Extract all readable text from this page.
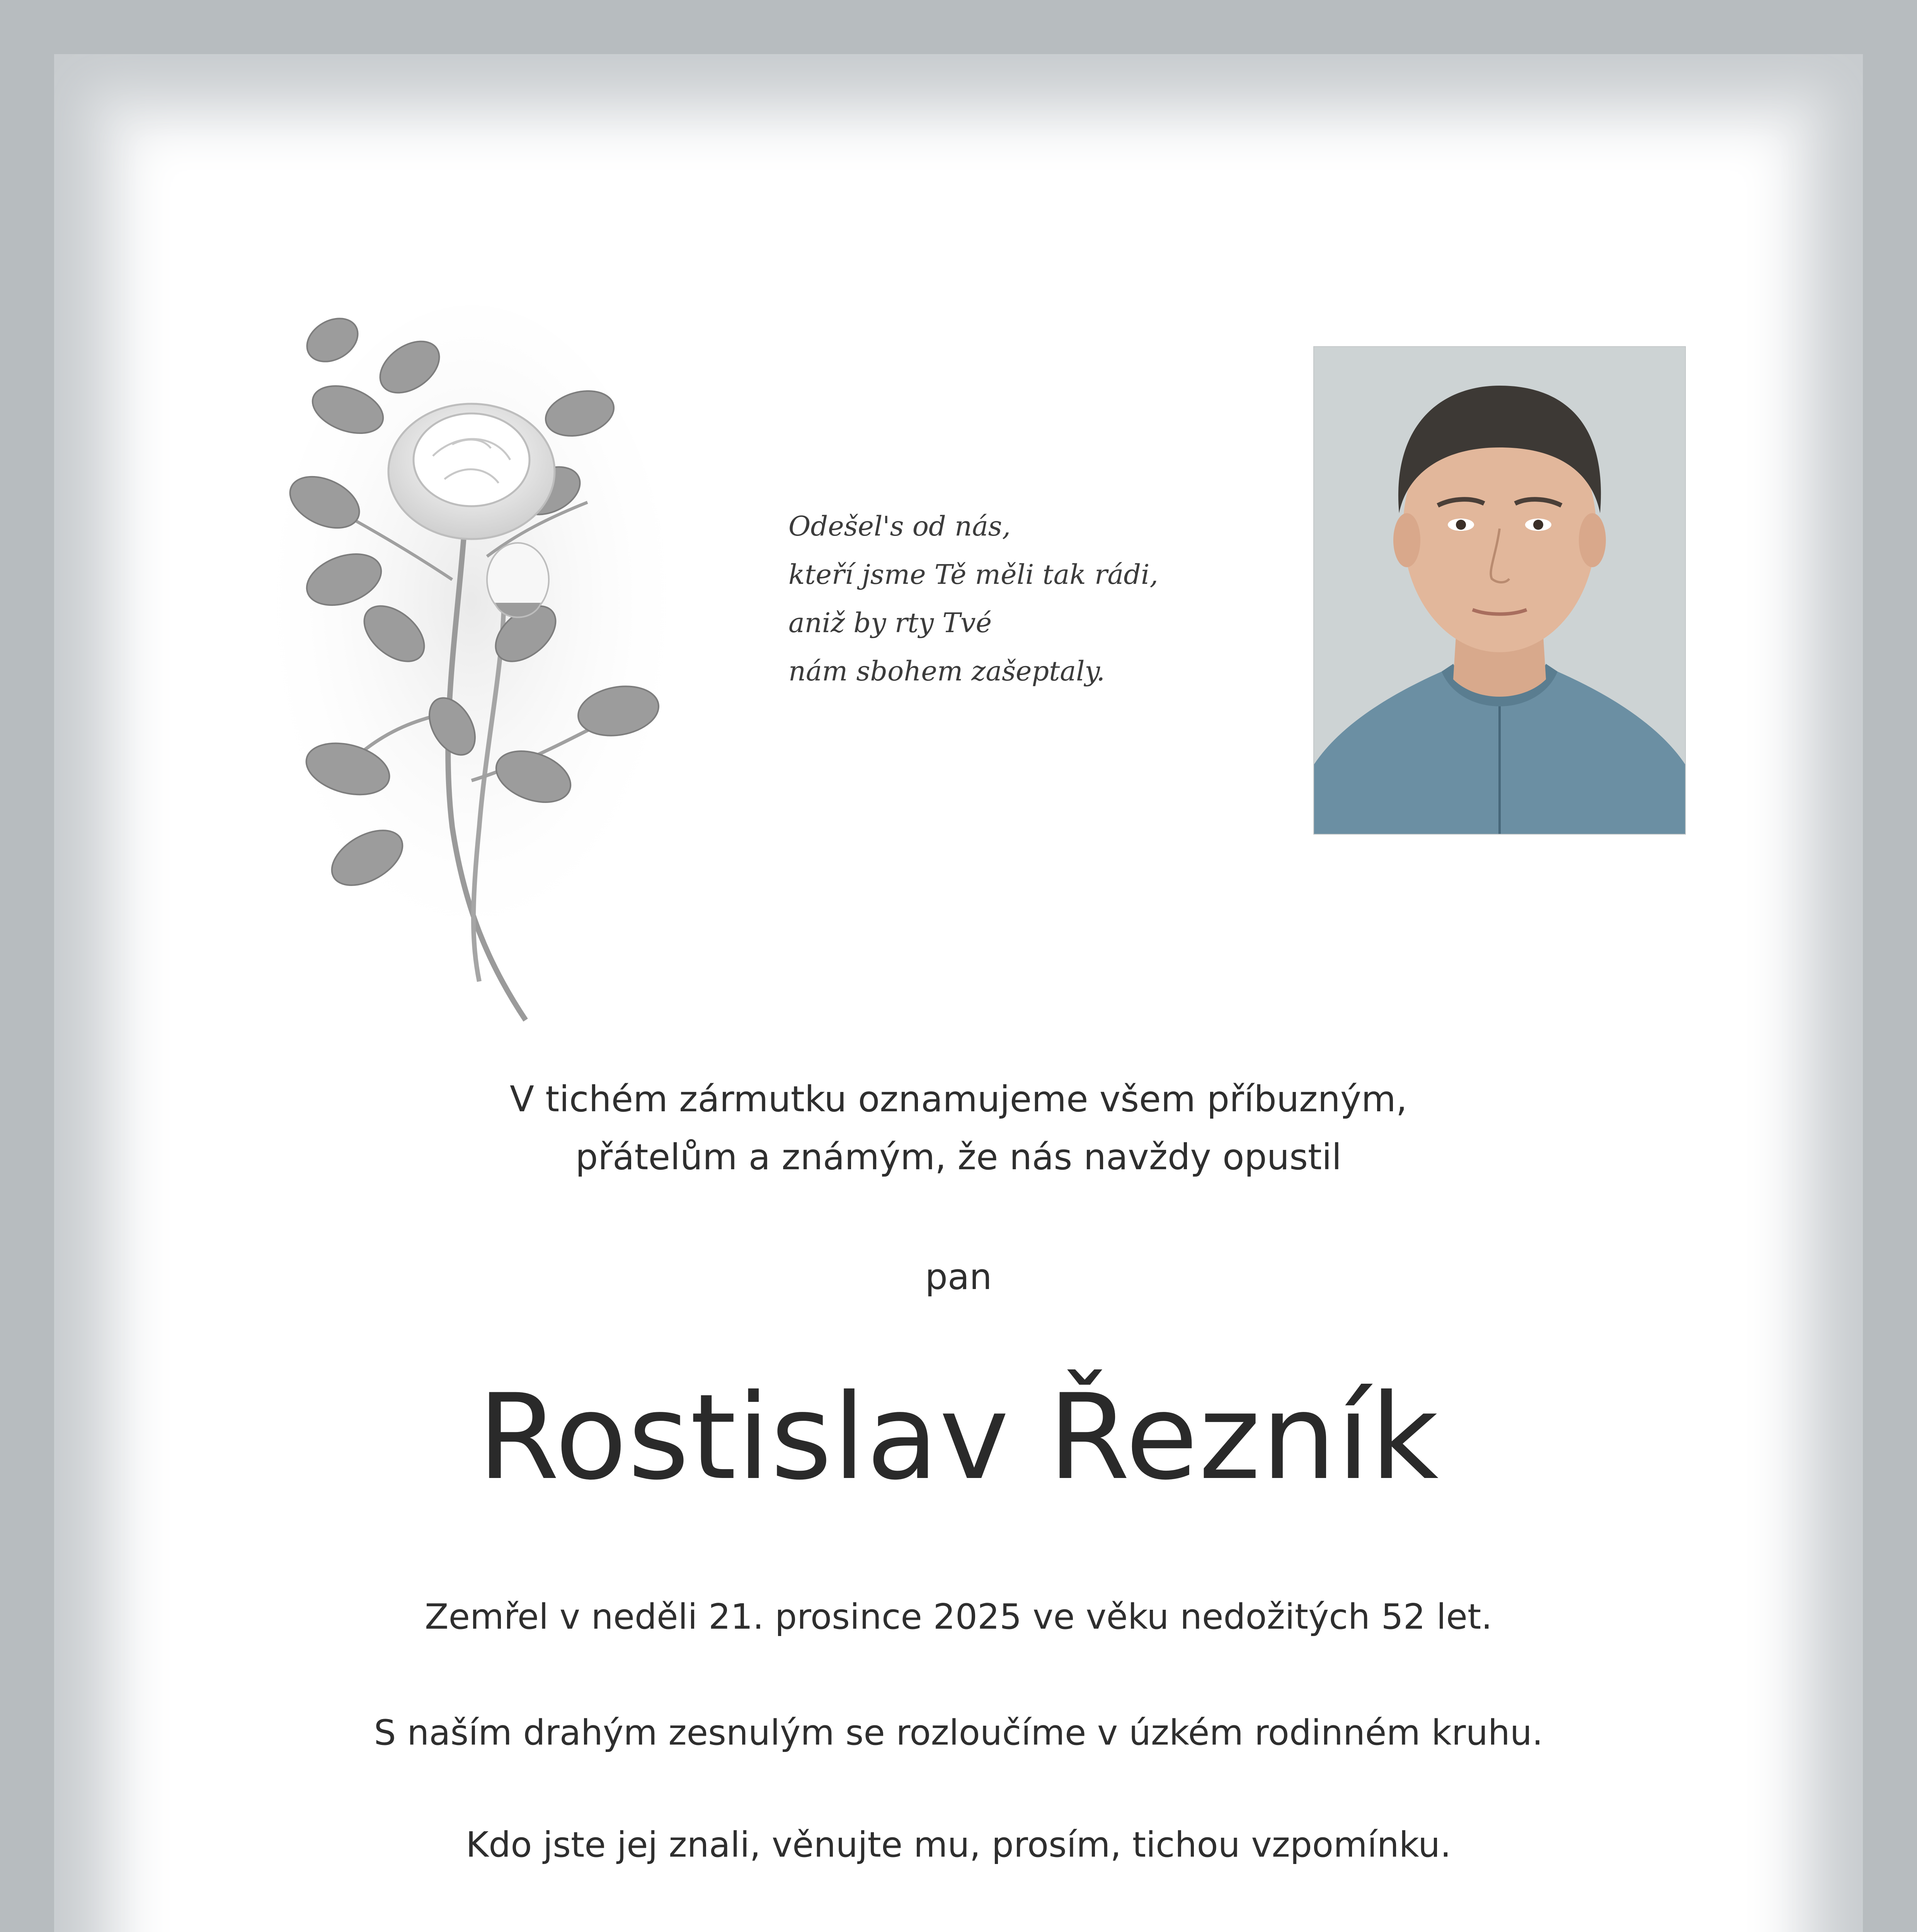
Odešel's od nás,
kteří jsme Tě měli tak rádi,
aniž by rty Tvé
nám sbohem zašeptaly.
V tichém zármutku oznamujeme všem příbuzným,
přátelům a známým, že nás navždy opustil
pan
Rostislav Řezník
Zemřel v neděli 21. prosince 2025 ve věku nedožitých 52 let.
S naším drahým zesnulým se rozloučíme v úzkém rodinném kruhu.
Kdo jste jej znali, věnujte mu, prosím, tichou vzpomínku.
